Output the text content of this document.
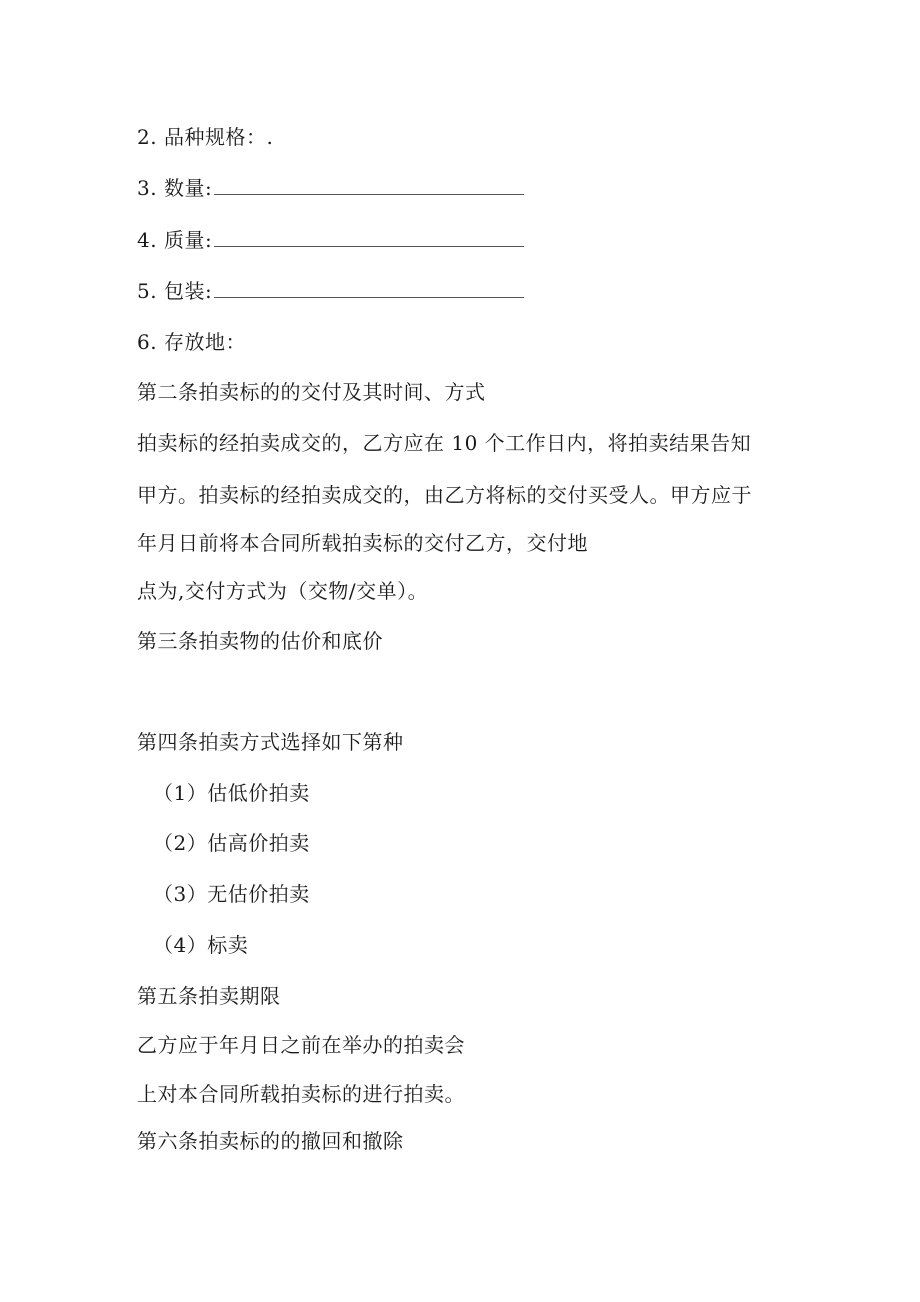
2. 品种规格：.
3. 数量:
4. 质量:
5. 包装:
6. 存放地：
第二条拍卖标的的交付及其时间、方式
拍卖标的经拍卖成交的，乙方应在 10 个工作日内，将拍卖结果告知
甲方。拍卖标的经拍卖成交的，由乙方将标的交付买受人。甲方应于
年月日前将本合同所载拍卖标的交付乙方，交付地
点为,交付方式为（交物/交单）。
第三条拍卖物的估价和底价
第四条拍卖方式选择如下第种
（1）估低价拍卖
（2）估高价拍卖
（3）无估价拍卖
（4）标卖
第五条拍卖期限
乙方应于年月日之前在举办的拍卖会
上对本合同所载拍卖标的进行拍卖。
第六条拍卖标的的撤回和撤除
